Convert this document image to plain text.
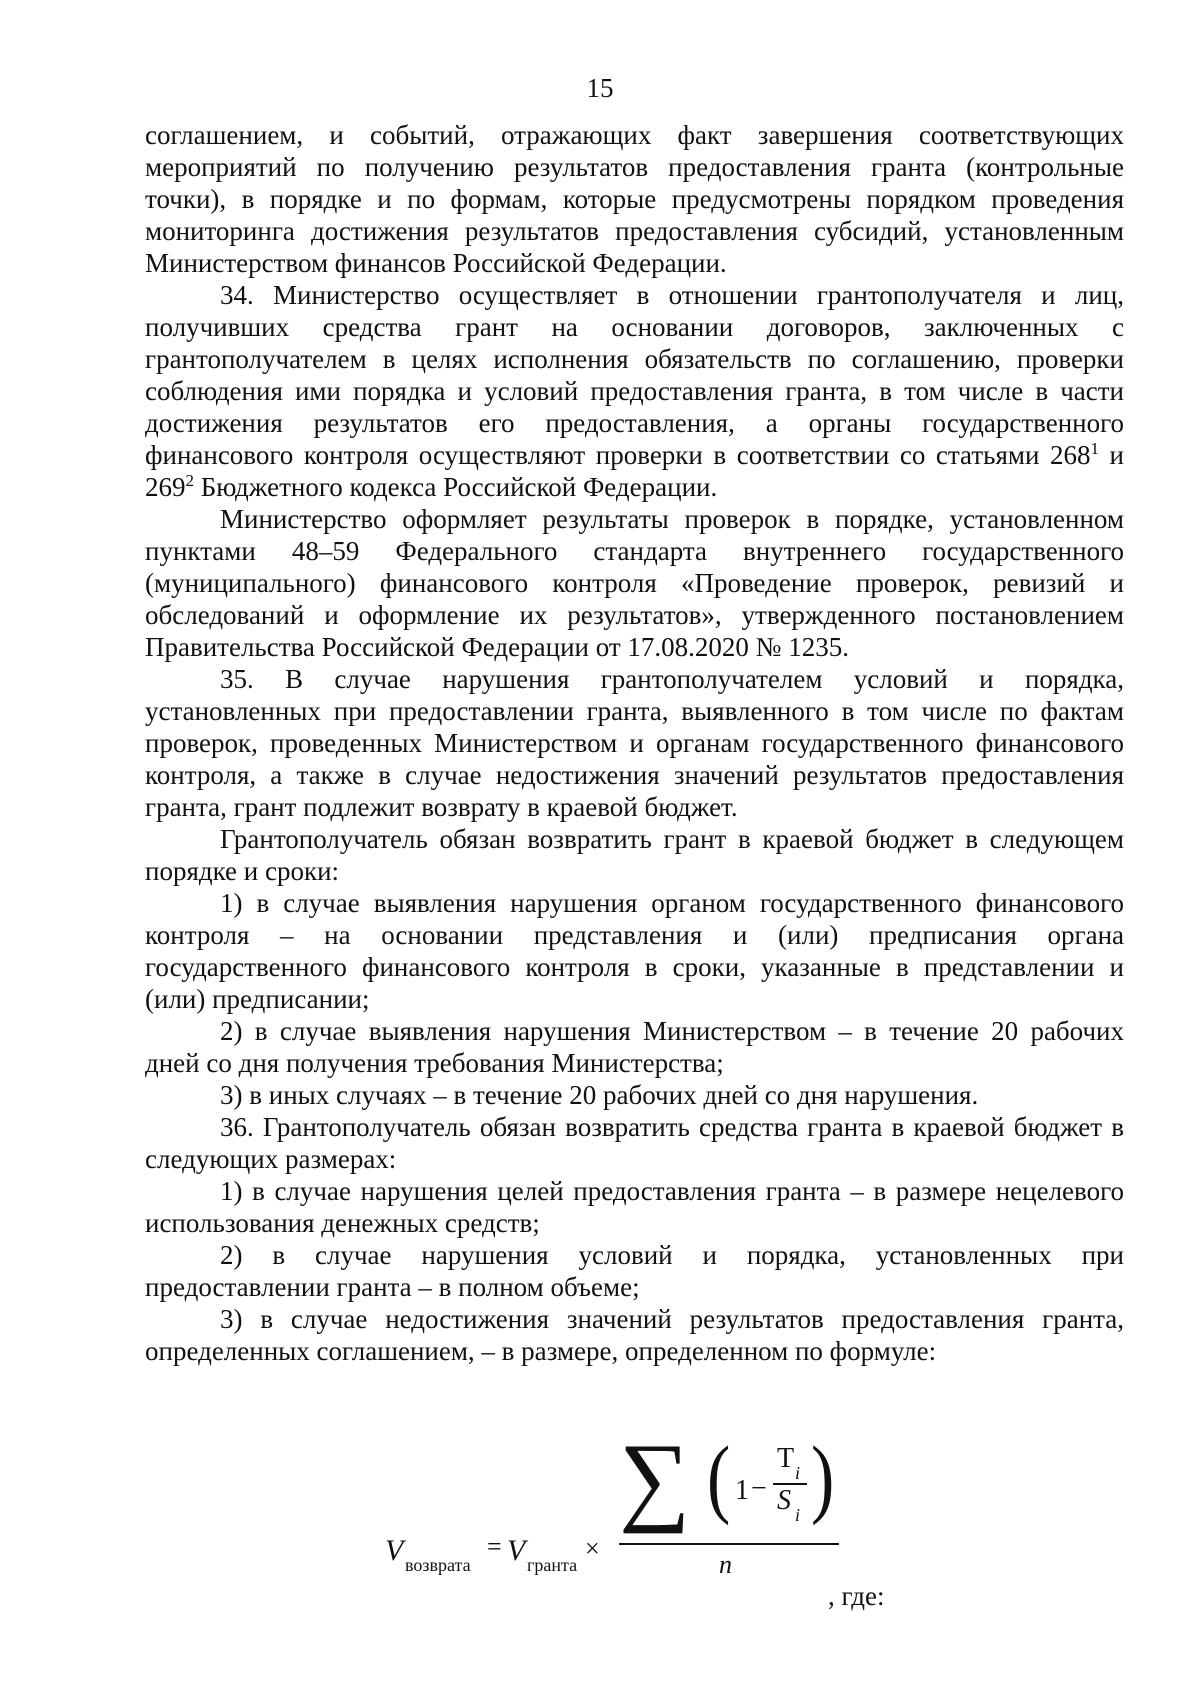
15

соглашением, и событий, отражающих факт завершения соответствующих мероприятий по получению результатов предоставления гранта (контрольные точки), в порядке и по формам, которые предусмотрены порядком проведения мониторинга достижения результатов предоставления субсидий, установленным Министерством финансов Российской Федерации.

34. Министерство осуществляет в отношении грантополучателя и лиц, получивших средства грант на основании договоров, заключенных с грантополучателем в целях исполнения обязательств по соглашению, проверки соблюдения ими порядка и условий предоставления гранта, в том числе в части достижения результатов его предоставления, а органы государственного финансового контроля осуществляют проверки в соответствии со статьями $268^1$ и $269^2$ Бюджетного кодекса Российской Федерации.

Министерство оформляет результаты проверок в порядке, установленном пунктами 48–59 Федерального стандарта внутреннего государственного (муниципального) финансового контроля «Проведение проверок, ревизий и обследований и оформление их результатов», утвержденного постановлением Правительства Российской Федерации от 17.08.2020 № 1235.

35. В случае нарушения грантополучателем условий и порядка, установленных при предоставлении гранта, выявленного в том числе по фактам проверок, проведенных Министерством и органам государственного финансового контроля, а также в случае недостижения значений результатов предоставления гранта, грант подлежит возврату в краевой бюджет.

Грантополучатель обязан возвратить грант в краевой бюджет в следующем порядке и сроки:

1) в случае выявления нарушения органом государственного финансового контроля – на основании представления и (или) предписания органа государственного финансового контроля в сроки, указанные в представлении и (или) предписании;

2) в случае выявления нарушения Министерством – в течение 20 рабочих дней со дня получения требования Министерства;

3) в иных случаях – в течение 20 рабочих дней со дня нарушения.

36. Грантополучатель обязан возвратить средства гранта в краевой бюджет в следующих размерах:

1) в случае нарушения целей предоставления гранта – в размере нецелевого использования денежных средств;

2) в случае нарушения условий и порядка, установленных при предоставлении гранта – в полном объеме;

3) в случае недостижения значений результатов предоставления гранта, определенных соглашением, – в размере, определенном по формуле:

V возврата
= V гранта
×
∑ ( 1 −
T i
S i )
n
, где:
